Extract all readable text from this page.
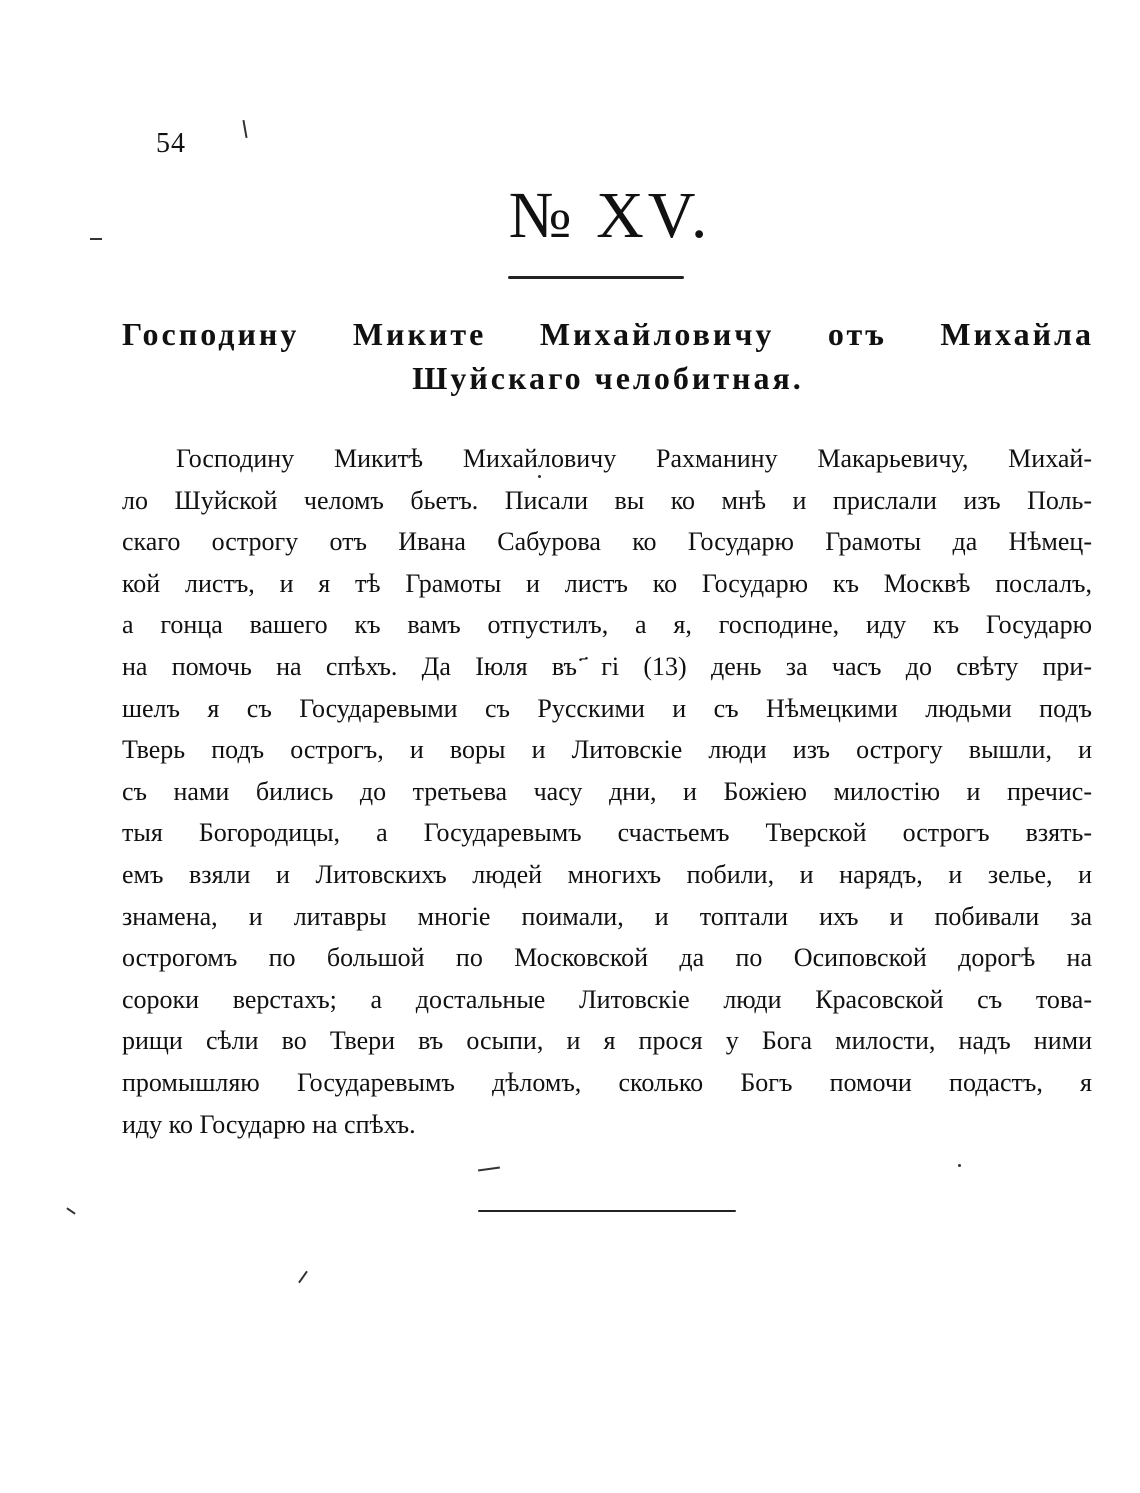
54
№ XV.
Господину Миките Михайловичу отъ Михайла
Шуйскаго челобитная.
Господину Микитѣ Михайловичу Рахманину Макарьевичу, Михай-
ло Шуйской челомъ бьетъ. Писали вы ко мнѣ и прислали изъ Поль-
скаго острогу отъ Ивана Сабурова ко Государю Грамоты да Нѣмец-
кой листъ, и я тѣ Грамоты и листъ ко Государю къ Москвѣ послалъ,
а гонца вашего къ вамъ отпустилъ, а я, господине, иду къ Государю
на помочь на спѣхъ. Да Іюля въ ҃гі (13) день за часъ до свѣту при-
шелъ я съ Государевыми съ Русскими и съ Нѣмецкими людьми подъ
Тверь подъ острогъ, и воры и Литовскіе люди изъ острогу вышли, и
съ нами бились до третьева часу дни, и Божіею милостію и пречис-
тыя Богородицы, а Государевымъ счастьемъ Тверской острогъ взять-
емъ взяли и Литовскихъ людей многихъ побили, и нарядъ, и зелье, и
знамена, и литавры многіе поимали, и топтали ихъ и побивали за
острогомъ по большой по Московской да по Осиповской дорогѣ на
сороки верстахъ; а достальные Литовскіе люди Красовской съ това-
рищи сѣли во Твери въ осыпи, и я прося у Бога милости, надъ ними
промышляю Государевымъ дѣломъ, сколько Богъ помочи подастъ, я
иду ко Государю на спѣхъ.
